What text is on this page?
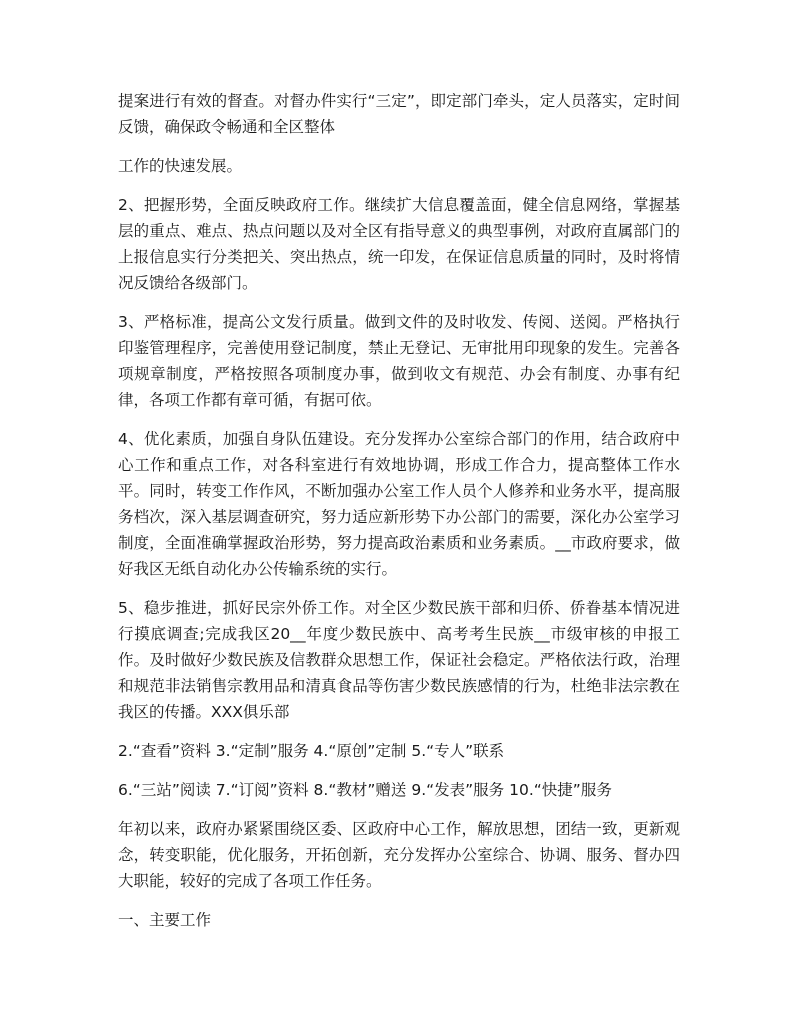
提案进行有效的督查。对督办件实行“三定”，即定部门牵头，定人员落实，定时间反馈，确保政令畅通和全区整体

工作的快速发展。

2、把握形势，全面反映政府工作。继续扩大信息覆盖面，健全信息网络，掌握基层的重点、难点、热点问题以及对全区有指导意义的典型事例，对政府直属部门的上报信息实行分类把关、突出热点，统一印发，在保证信息质量的同时，及时将情况反馈给各级部门。

3、严格标准，提高公文发行质量。做到文件的及时收发、传阅、送阅。严格执行印鉴管理程序，完善使用登记制度，禁止无登记、无审批用印现象的发生。完善各项规章制度，严格按照各项制度办事，做到收文有规范、办会有制度、办事有纪律，各项工作都有章可循，有据可依。

4、优化素质，加强自身队伍建设。充分发挥办公室综合部门的作用，结合政府中心工作和重点工作，对各科室进行有效地协调，形成工作合力，提高整体工作水平。同时，转变工作作风，不断加强办公室工作人员个人修养和业务水平，提高服务档次，深入基层调查研究，努力适应新形势下办公部门的需要，深化办公室学习制度，全面准确掌握政治形势，努力提高政治素质和业务素质。__市政府要求，做好我区无纸自动化办公传输系统的实行。

5、稳步推进，抓好民宗外侨工作。对全区少数民族干部和归侨、侨眷基本情况进行摸底调查;完成我区20__年度少数民族中、高考考生民族__市级审核的申报工作。及时做好少数民族及信教群众思想工作，保证社会稳定。严格依法行政，治理和规范非法销售宗教用品和清真食品等伤害少数民族感情的行为，杜绝非法宗教在我区的传播。XXX俱乐部

2.“查看”资料 3.“定制”服务 4.“原创”定制 5.“专人”联系

6.“三站”阅读 7.“订阅”资料 8.“教材”赠送 9.“发表”服务 10.“快捷”服务

年初以来，政府办紧紧围绕区委、区政府中心工作，解放思想，团结一致，更新观念，转变职能，优化服务，开拓创新，充分发挥办公室综合、协调、服务、督办四大职能，较好的完成了各项工作任务。

一、主要工作
